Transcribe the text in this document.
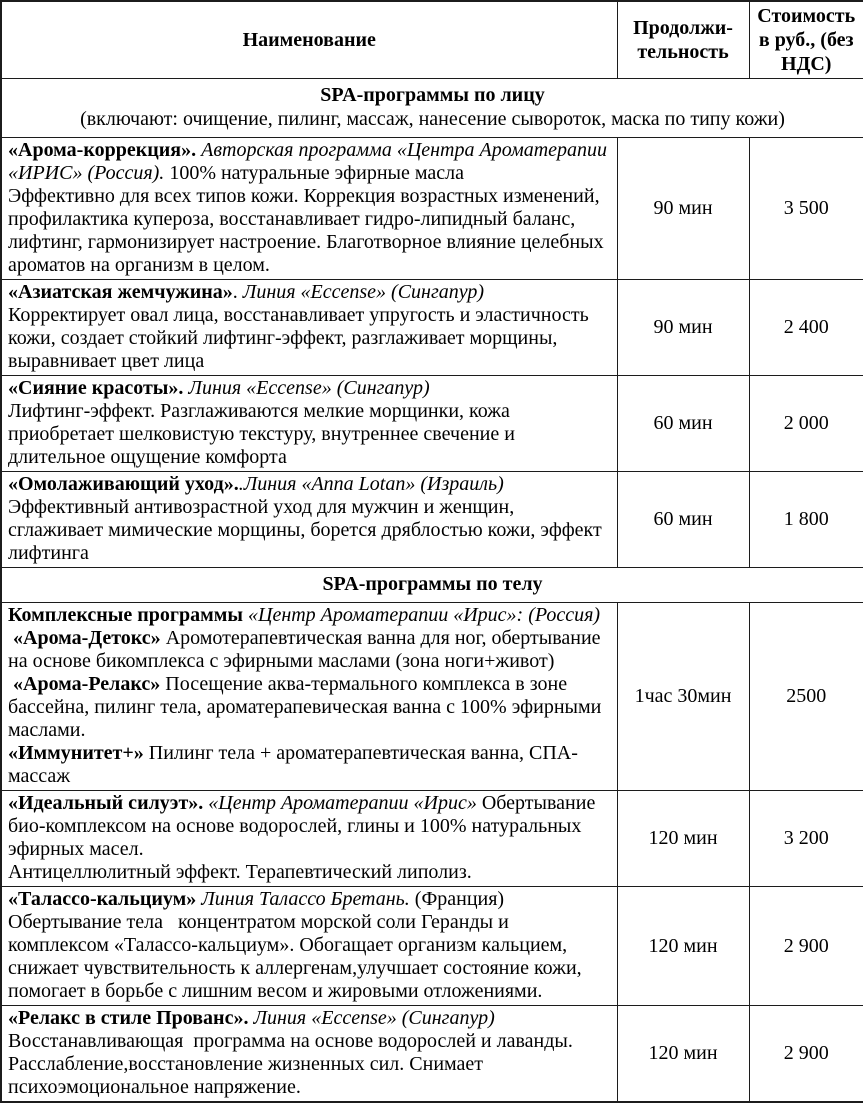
Наименование	Продолжи-тельность	Стоимость в руб., (без НДС)

SPA-программы по лицу
(включают: очищение, пилинг, массаж, нанесение сывороток, маска по типу кожи)		

«Арома-коррекция». Авторская программа «Центра Ароматерапии «ИРИС» (Россия). 100% натуральные эфирные масла
Эффективно для всех типов кожи. Коррекция возрастных изменений, профилактика купероза, восстанавливает гидро-липидный баланс, лифтинг, гармонизирует настроение. Благотворное влияние целебных ароматов на организм в целом.	90 мин	3 500
«Азиатская жемчужина». Линия «Eccense» (Сингапур)
Корректирует овал лица, восстанавливает упругость и эластичность кожи, создает стойкий лифтинг-эффект, разглаживает морщины, выравнивает цвет лица	90 мин	2 400
«Сияние красоты». Линия «Eccense» (Сингапур)
Лифтинг-эффект. Разглаживаются мелкие морщинки, кожа приобретает шелковистую текстуру, внутреннее свечение и длительное ощущение комфорта	60 мин	2 000
«Омолаживающий уход»..Линия «Anna Lotan» (Израиль)
Эффективный антивозрастной уход для мужчин и женщин, сглаживает мимические морщины, борется дряблостью кожи, эффект лифтинга	60 мин	1 800

SPA-программы по телу		

Комплексные программы «Центр Ароматерапии «Ирис»: (Россия)
«Арома-Детокс» Аромотерапевтическая ванна для ног, обертывание на основе бикомплекса с эфирными маслами (зона ноги+живот)
«Арома-Релакс» Посещение аква-термального комплекса в зоне бассейна, пилинг тела, ароматерапевическая ванна с 100% эфирными маслами.
«Иммунитет+» Пилинг тела + ароматерапевтическая ванна, СПА-массаж	1час 30мин	2500
«Идеальный силуэт». «Центр Ароматерапии «Ирис» Обертывание био-комплексом на основе водорослей, глины и 100% натуральных эфирных масел.
Антицеллюлитный эффект. Терапевтический липолиз.	120 мин	3 200
«Талассо-кальциум» Линия Талассо Бретань. (Франция) Обертывание тела   концентратом морской соли Геранды и комплексом «Талассо-кальциум». Обогащает организм кальцием, снижает чувствительность к аллергенам,улучшает состояние кожи, помогает в борьбе с лишним весом и жировыми отложениями.	120 мин	2 900
«Релакс в стиле Прованс». Линия «Eccense» (Сингапур)
Восстанавливающая  программа на основе водорослей и лаванды. Расслабление,восстановление жизненных сил. Снимает психоэмоциональное напряжение.	120 мин	2 900
